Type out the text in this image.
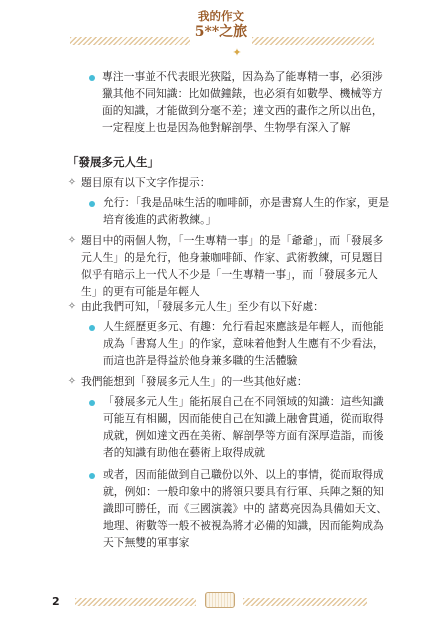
我的作文
5**之旅
✦
專注一事並不代表眼光狹隘，因為為了能專精一事，必須涉
獵其他不同知識：比如做鐘錶，也必須有如數學、機械等方
面的知識，才能做到分毫不差；達文西的畫作之所以出色，
一定程度上也是因為他對解剖學、生物學有深入了解
「發展多元人生」
✧ 題目原有以下文字作提示：
允行：「我是品味生活的咖啡師，亦是書寫人生的作家，更是
培育後進的武術教練。」
✧ 題目中的兩個人物，「一生專精一事」的是「爺爺」，而「發展多
元人生」的是允行，他身兼咖啡師、作家、武術教練，可見題目
似乎有暗示上一代人不少是「一生專精一事」，而「發展多元人
生」的更有可能是年輕人
✧ 由此我們可知，「發展多元人生」至少有以下好處：
人生經歷更多元、有趣：允行看起來應該是年輕人，而他能
成為「書寫人生」的作家，意味着他對人生應有不少看法，
而這也許是得益於他身兼多職的生活體驗
✧ 我們能想到「發展多元人生」的一些其他好處：
「發展多元人生」能拓展自己在不同領域的知識：這些知識
可能互有相關，因而能使自己在知識上融會貫通，從而取得
成就，例如達文西在美術、解剖學等方面有深厚造詣，而後
者的知識有助他在藝術上取得成就
或者，因而能做到自己職份以外、以上的事情，從而取得成
就，例如：一般印象中的將領只要具有行軍、兵陣之類的知
識即可勝任，而《三國演義》中的 諸葛亮因為具備如天文、
地理、術數等一般不被視為將才必備的知識，因而能夠成為
天下無雙的軍事家
2
